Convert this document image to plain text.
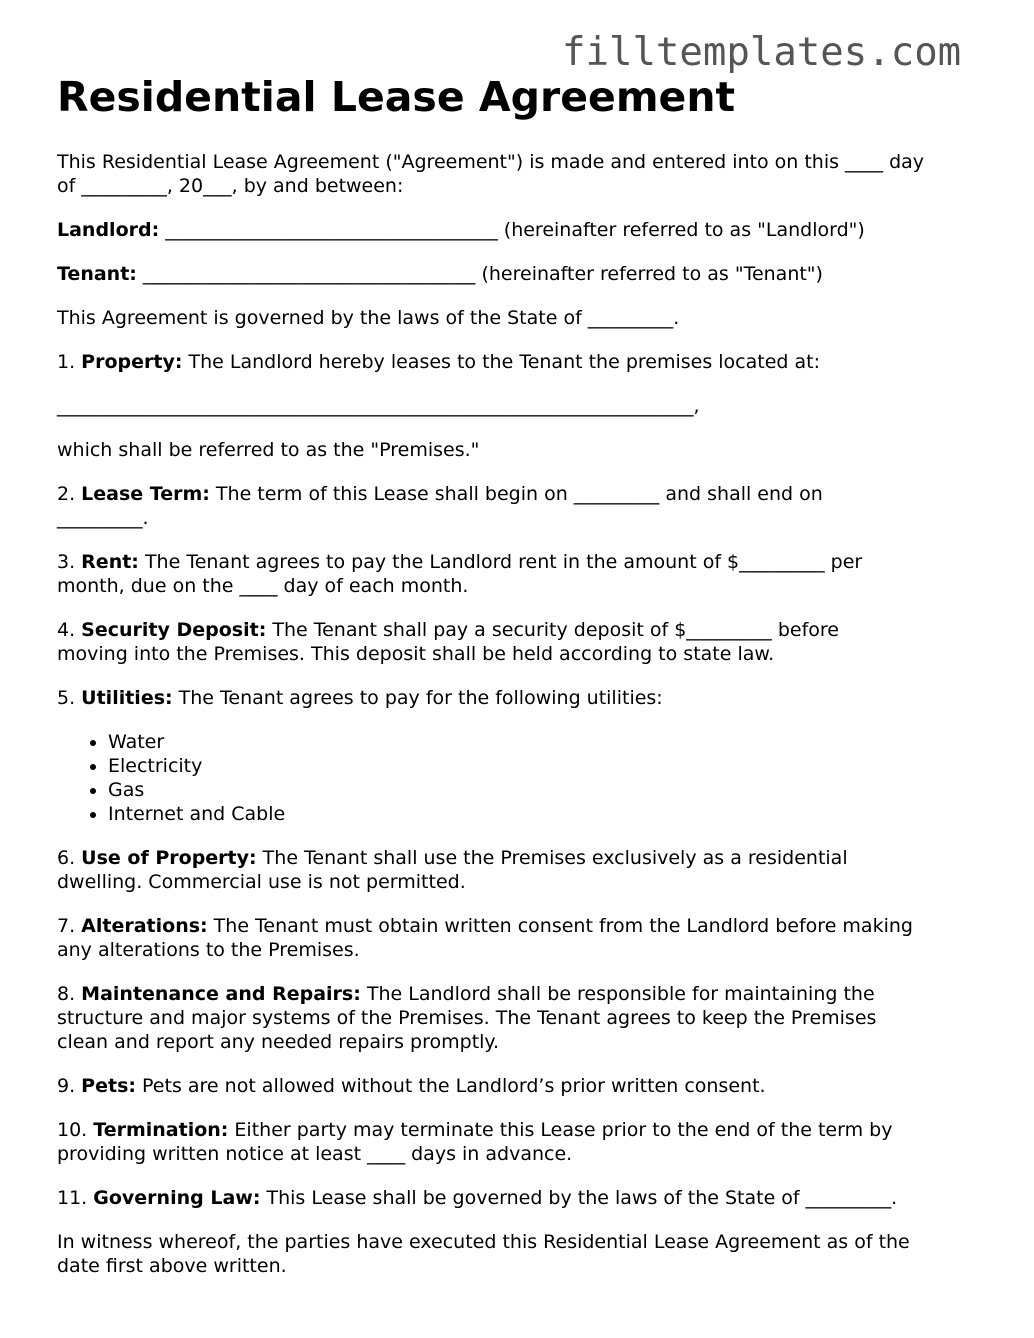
filltemplates.com
Residential Lease Agreement

This Residential Lease Agreement ("Agreement") is made and entered into on this ____ day
of _________, 20___, by and between:

Landlord: ___________________________________ (hereinafter referred to as "Landlord")

Tenant: ___________________________________ (hereinafter referred to as "Tenant")

This Agreement is governed by the laws of the State of _________.

1. Property: The Landlord hereby leases to the Tenant the premises located at:

___________________________________________________________________,

which shall be referred to as the "Premises."

2. Lease Term: The term of this Lease shall begin on _________ and shall end on
_________.

3. Rent: The Tenant agrees to pay the Landlord rent in the amount of $_________ per
month, due on the ____ day of each month.

4. Security Deposit: The Tenant shall pay a security deposit of $_________ before
moving into the Premises. This deposit shall be held according to state law.

5. Utilities: The Tenant agrees to pay for the following utilities:

• Water
• Electricity
• Gas
• Internet and Cable

6. Use of Property: The Tenant shall use the Premises exclusively as a residential
dwelling. Commercial use is not permitted.

7. Alterations: The Tenant must obtain written consent from the Landlord before making
any alterations to the Premises.

8. Maintenance and Repairs: The Landlord shall be responsible for maintaining the
structure and major systems of the Premises. The Tenant agrees to keep the Premises
clean and report any needed repairs promptly.

9. Pets: Pets are not allowed without the Landlord’s prior written consent.

10. Termination: Either party may terminate this Lease prior to the end of the term by
providing written notice at least ____ days in advance.

11. Governing Law: This Lease shall be governed by the laws of the State of _________.

In witness whereof, the parties have executed this Residential Lease Agreement as of the
date first above written.
